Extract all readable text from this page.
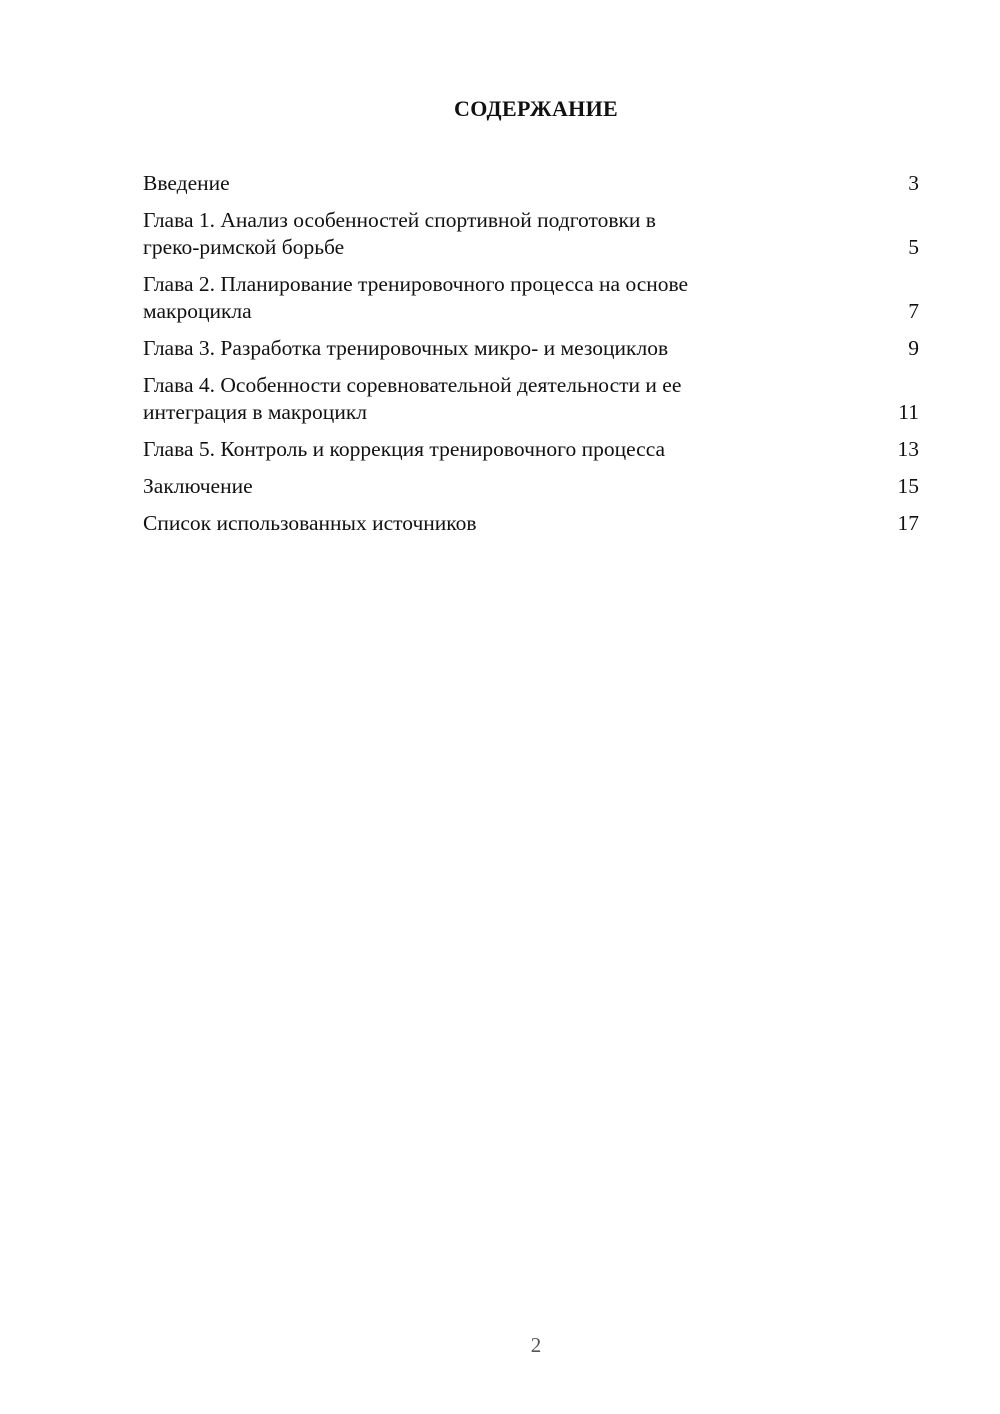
СОДЕРЖАНИЕ
Введение	3
Глава 1. Анализ особенностей спортивной подготовки в
греко-римской борьбе	5
Глава 2. Планирование тренировочного процесса на основе
макроцикла	7
Глава 3. Разработка тренировочных микро- и мезоциклов	9
Глава 4. Особенности соревновательной деятельности и ее
интеграция в макроцикл	11
Глава 5. Контроль и коррекция тренировочного процесса	13
Заключение	15
Список использованных источников	17
2
